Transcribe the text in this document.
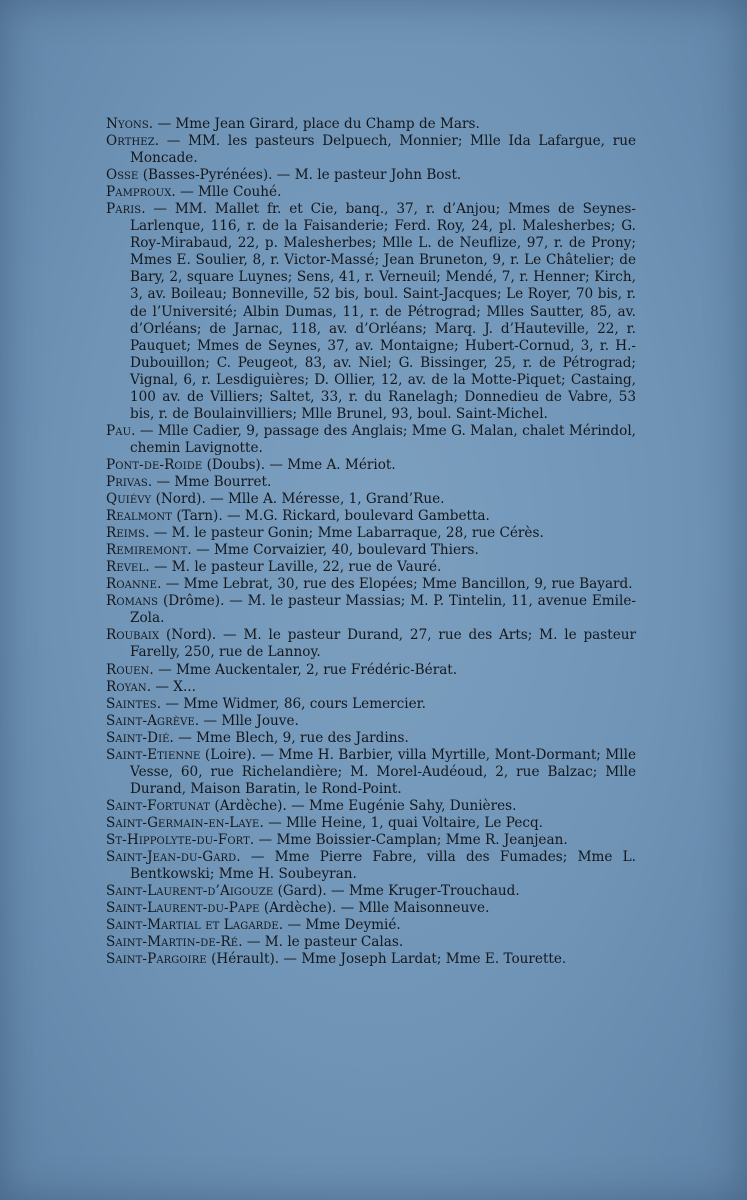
Nyons. — Mme Jean Girard, place du Champ de Mars.

Orthez. — MM. les pasteurs Delpuech, Monnier; Mlle Ida Lafargue, rue Moncade.

Osse (Basses-Pyrénées). — M. le pasteur John Bost.

Pamproux. — Mlle Couhé.

Paris. — MM. Mallet fr. et Cie, banq., 37, r. d’Anjou; Mmes de Seynes-Larlenque, 116, r. de la Faisanderie; Ferd. Roy, 24, pl. Malesherbes; G. Roy-Mirabaud, 22, p. Malesherbes; Mlle L. de Neuflize, 97, r. de Prony; Mmes E. Soulier, 8, r. Victor-Massé; Jean Bruneton, 9, r. Le Châtelier; de Bary, 2, square Luynes; Sens, 41, r. Verneuil; Mendé, 7, r. Henner; Kirch, 3, av. Boileau; Bonneville, 52 bis, boul. Saint-Jacques; Le Royer, 70 bis, r. de l’Université; Albin Dumas, 11, r. de Pétrograd; Mlles Sautter, 85, av. d’Orléans; de Jarnac, 118, av. d’Orléans; Marq. J. d’Hauteville, 22, r. Pauquet; Mmes de Seynes, 37, av. Montaigne; Hubert-Cornud, 3, r. H.-Dubouillon; C. Peugeot, 83, av. Niel; G. Bissinger, 25, r. de Pétrograd; Vignal, 6, r. Lesdiguières; D. Ollier, 12, av. de la Motte-Piquet; Castaing, 100 av. de Villiers; Saltet, 33, r. du Ranelagh; Donnedieu de Vabre, 53 bis, r. de Boulainvilliers; Mlle Brunel, 93, boul. Saint-Michel.

Pau. — Mlle Cadier, 9, passage des Anglais; Mme G. Malan, chalet Mérindol, chemin Lavignotte.

Pont-de-Roide (Doubs). — Mme A. Mériot.

Privas. — Mme Bourret.

Quiévy (Nord). — Mlle A. Méresse, 1, Grand’Rue.

Realmont (Tarn). — M.G. Rickard, boulevard Gambetta.

Reims. — M. le pasteur Gonin; Mme Labarraque, 28, rue Cérès.

Remiremont. — Mme Corvaizier, 40, boulevard Thiers.

Revel. — M. le pasteur Laville, 22, rue de Vauré.

Roanne. — Mme Lebrat, 30, rue des Elopées; Mme Bancillon, 9, rue Bayard.

Romans (Drôme). — M. le pasteur Massias; M. P. Tintelin, 11, avenue Emile-Zola.

Roubaix (Nord). — M. le pasteur Durand, 27, rue des Arts; M. le pasteur Farelly, 250, rue de Lannoy.

Rouen. — Mme Auckentaler, 2, rue Frédéric-Bérat.

Royan. — X...

Saintes. — Mme Widmer, 86, cours Lemercier.

Saint-Agrève. — Mlle Jouve.

Saint-Dié. — Mme Blech, 9, rue des Jardins.

Saint-Etienne (Loire). — Mme H. Barbier, villa Myrtille, Mont-Dormant; Mlle Vesse, 60, rue Richelandière; M. Morel-Audéoud, 2, rue Balzac; Mlle Durand, Maison Baratin, le Rond-Point.

Saint-Fortunat (Ardèche). — Mme Eugénie Sahy, Dunières.

Saint-Germain-en-Laye. — Mlle Heine, 1, quai Voltaire, Le Pecq.

St-Hippolyte-du-Fort. — Mme Boissier-Camplan; Mme R. Jeanjean.

Saint-Jean-du-Gard. — Mme Pierre Fabre, villa des Fumades; Mme L. Bentkowski; Mme H. Soubeyran.

Saint-Laurent-d’Aigouze (Gard). — Mme Kruger-Trouchaud.

Saint-Laurent-du-Pape (Ardèche). — Mlle Maisonneuve.

Saint-Martial et Lagarde. — Mme Deymié.

Saint-Martin-de-Ré. — M. le pasteur Calas.

Saint-Pargoire (Hérault). — Mme Joseph Lardat; Mme E. Tourette.
